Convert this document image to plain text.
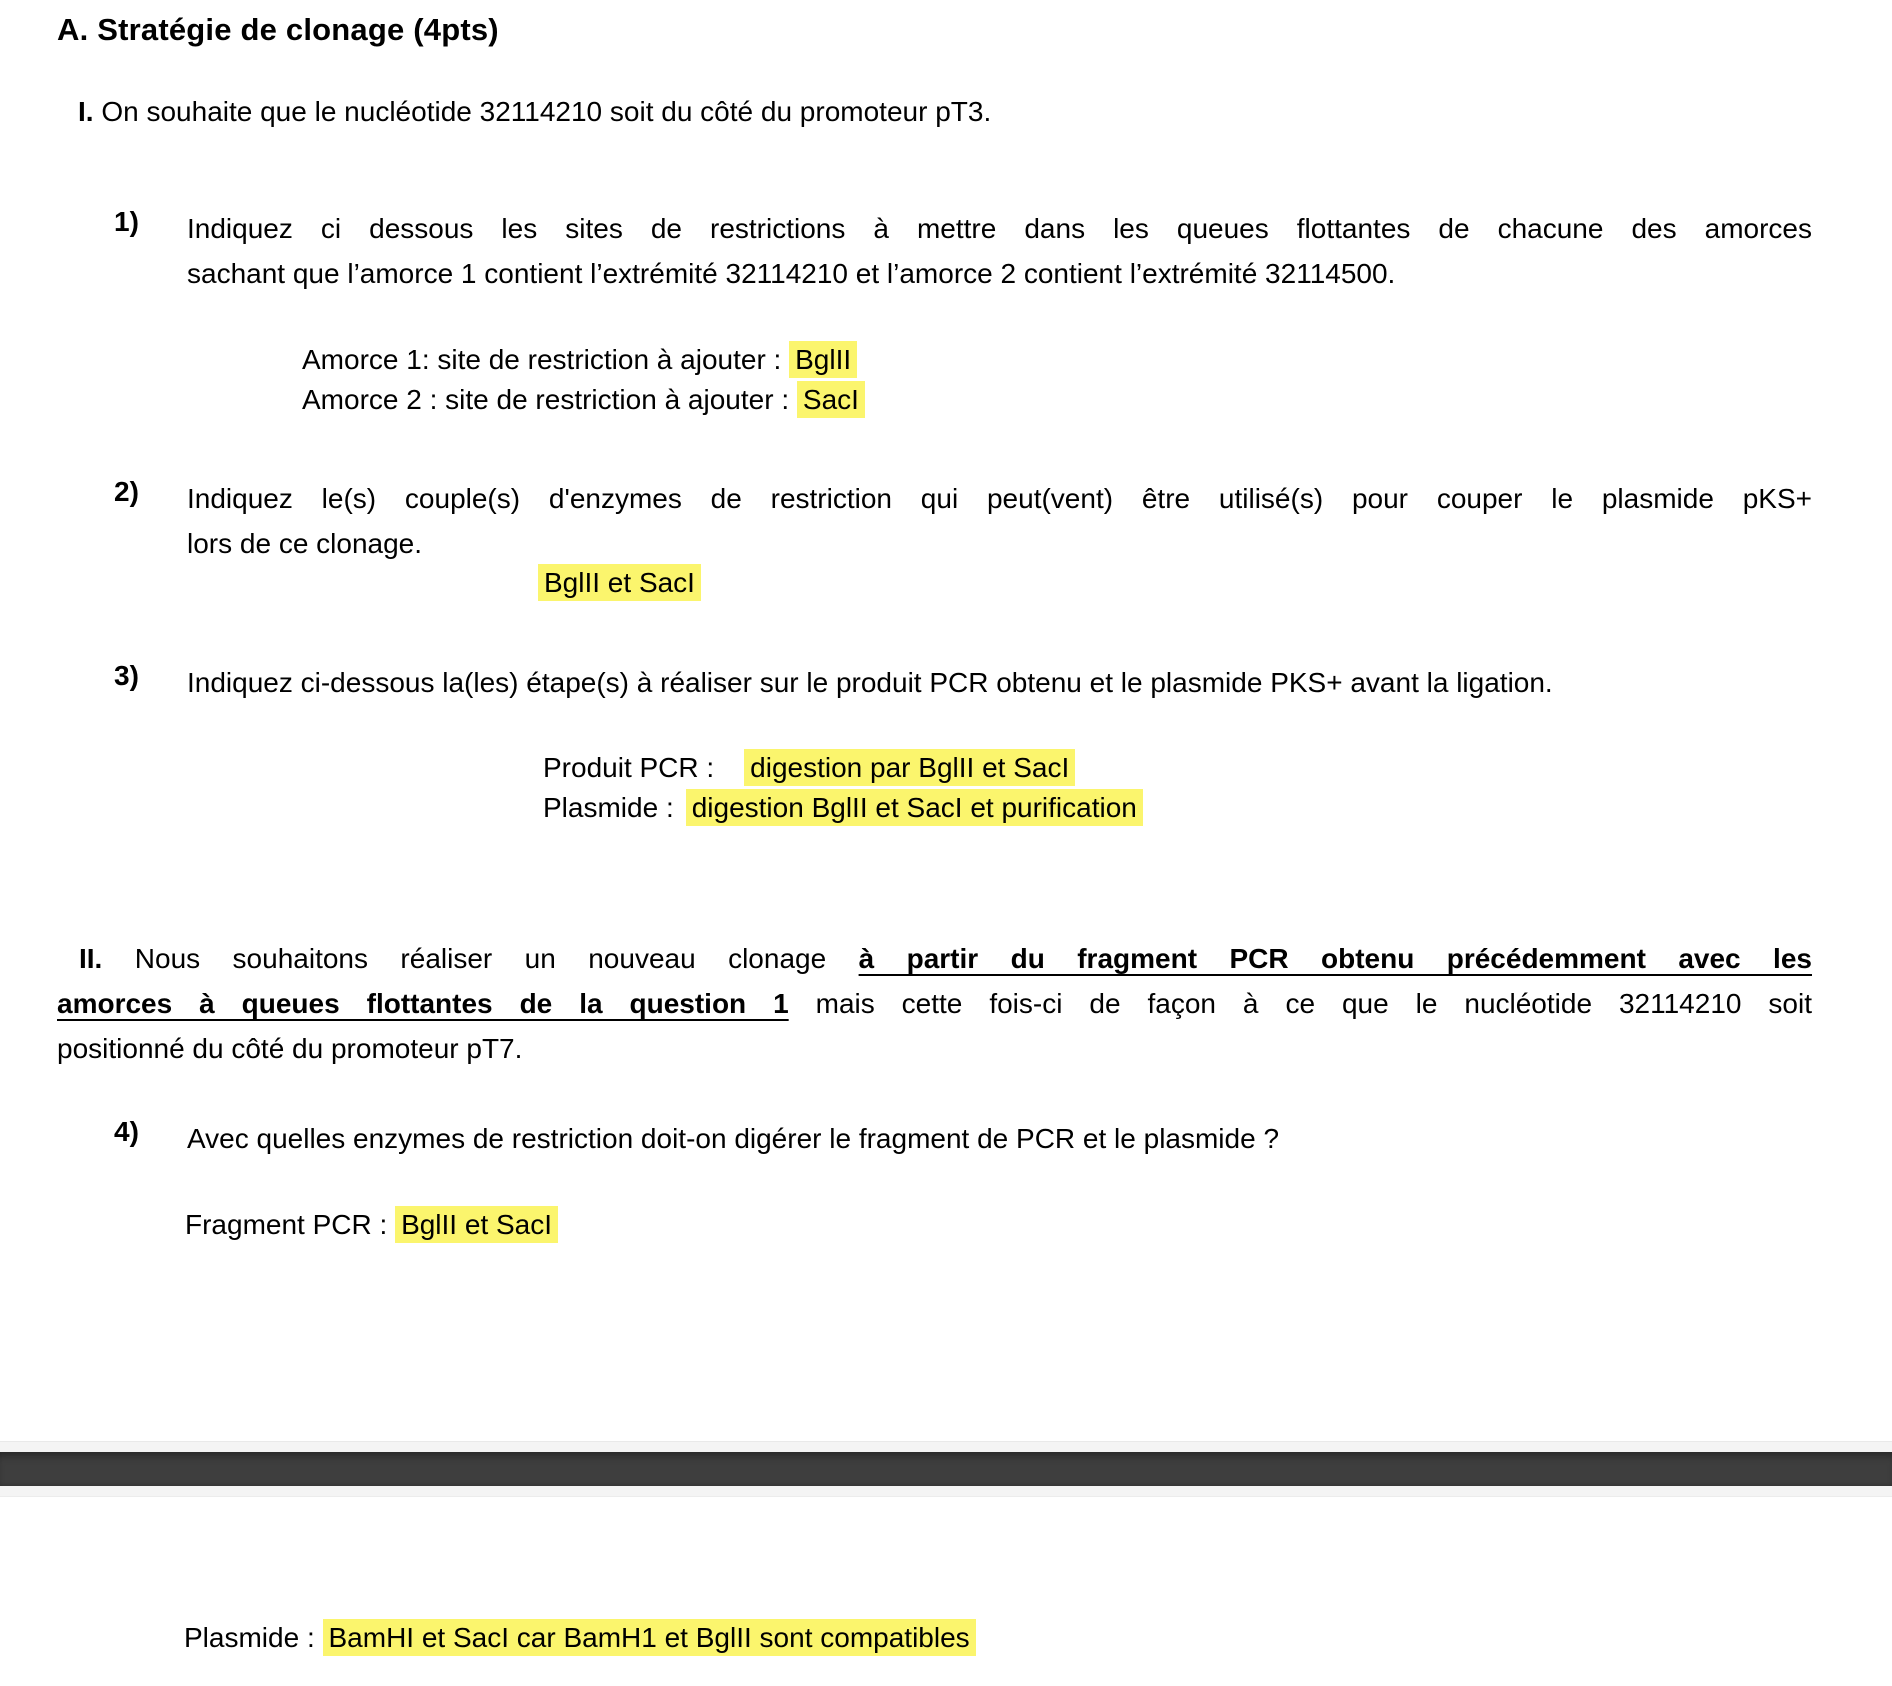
A. Stratégie de clonage (4pts)
I. On souhaite que le nucléotide 32114210 soit du côté du promoteur pT3.
1) Indiquez ci dessous les sites de restrictions à mettre dans les queues flottantes de chacune des amorces
sachant que l’amorce 1 contient l’extrémité 32114210 et l’amorce 2 contient l’extrémité 32114500.
Amorce 1: site de restriction à ajouter : BglII
Amorce 2 : site de restriction à ajouter : SacI
2) Indiquez le(s) couple(s) d'enzymes de restriction qui peut(vent) être utilisé(s) pour couper le plasmide pKS+
lors de ce clonage.
BglII et SacI
3) Indiquez ci-dessous la(les) étape(s) à réaliser sur le produit PCR obtenu et le plasmide PKS+ avant la ligation.
Produit PCR : digestion par BglII et SacI
Plasmide : digestion BglII et SacI et purification
II. Nous souhaitons réaliser un nouveau clonage à partir du fragment PCR obtenu précédemment avec les
amorces à queues flottantes de la question 1 mais cette fois-ci de façon à ce que le nucléotide 32114210 soit
positionné du côté du promoteur pT7.
4) Avec quelles enzymes de restriction doit-on digérer le fragment de PCR et le plasmide ?
Fragment PCR : BglII et SacI
Plasmide : BamHI et SacI car BamH1 et BglII sont compatibles
